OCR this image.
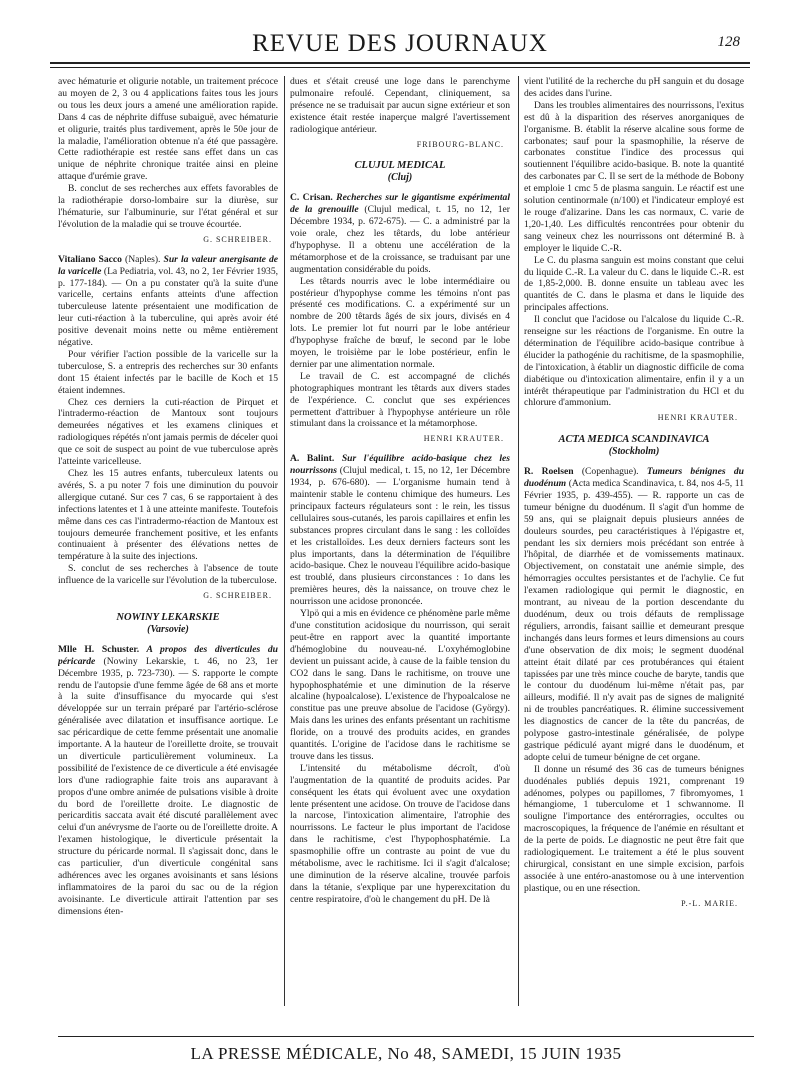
REVUE DES JOURNAUX	128

avec hématurie et oligurie notable, un traitement précoce au moyen de 2, 3 ou 4 applications faites tous les jours ou tous les deux jours a amené une amélioration rapide. Dans 4 cas de néphrite diffuse subaiguë, avec hématurie et oligurie, traités plus tardivement, après le 50e jour de la maladie, l'amélioration obtenue n'a été que passagère. Cette radiothérapie est restée sans effet dans un cas unique de néphrite chronique traitée ainsi en pleine attaque d'urémie grave.

B. conclut de ses recherches aux effets favorables de la radiothérapie dorso-lombaire sur la diurèse, sur l'hématurie, sur l'albuminurie, sur l'état général et sur l'évolution de la maladie qui se trouve écourtée.

G. SCHREIBER.

Vitaliano Sacco (Naples). Sur la valeur anergisante de la varicelle (La Pediatria, vol. 43, no 2, 1er Février 1935, p. 177-184). — On a pu constater qu'à la suite d'une varicelle, certains enfants atteints d'une affection tuberculeuse latente présentaient une modification de leur cuti-réaction à la tuberculine, qui après avoir été positive devenait moins nette ou même entièrement négative.

Pour vérifier l'action possible de la varicelle sur la tuberculose, S. a entrepris des recherches sur 30 enfants dont 15 étaient infectés par le bacille de Koch et 15 étaient indemnes.

Chez ces derniers la cuti-réaction de Pirquet et l'intradermo-réaction de Mantoux sont toujours demeurées négatives et les examens cliniques et radiologiques répétés n'ont jamais permis de déceler quoi que ce soit de suspect au point de vue tuberculose après l'atteinte varicelleuse.

Chez les 15 autres enfants, tuberculeux latents ou avérés, S. a pu noter 7 fois une diminution du pouvoir allergique cutané. Sur ces 7 cas, 6 se rapportaient à des infections latentes et 1 à une atteinte manifeste. Toutefois même dans ces cas l'intradermo-réaction de Mantoux est toujours demeurée franchement positive, et les enfants continuaient à présenter des élévations nettes de température à la suite des injections.

S. conclut de ses recherches à l'absence de toute influence de la varicelle sur l'évolution de la tuberculose.

G. SCHREIBER.
NOWINY LEKARSKIE
(Varsovie)

Mlle H. Schuster. A propos des diverticules du péricarde (Nowiny Lekarskie, t. 46, no 23, 1er Décembre 1935, p. 723-730). — S. rapporte le compte rendu de l'autopsie d'une femme âgée de 68 ans et morte à la suite d'insuffisance du myocarde qui s'est développée sur un terrain préparé par l'artério-sclérose généralisée avec dilatation et insuffisance aortique. Le sac péricardique de cette femme présentait une anomalie importante. A la hauteur de l'oreillette droite, se trouvait un diverticule particulièrement volumineux. La possibilité de l'existence de ce diverticule a été envisagée lors d'une radiographie faite trois ans auparavant à propos d'une ombre animée de pulsations visible à droite du bord de l'oreillette droite. Le diagnostic de pericarditis saccata avait été discuté parallèlement avec celui d'un anévrysme de l'aorte ou de l'oreillette droite. A l'examen histologique, le diverticule présentait la structure du péricarde normal. Il s'agissait donc, dans le cas particulier, d'un diverticule congénital sans adhérences avec les organes avoisinants et sans lésions inflammatoires de la paroi du sac ou de la région avoisinante. Le diverticule attirait l'attention par ses dimensions éten-

dues et s'était creusé une loge dans le parenchyme pulmonaire refoulé. Cependant, cliniquement, sa présence ne se traduisait par aucun signe extérieur et son existence était restée inaperçue malgré l'avertissement radiologique antérieur.

FRIBOURG-BLANC.
CLUJUL MEDICAL
(Cluj)

C. Crisan. Recherches sur le gigantisme expérimental de la grenouille (Clujul medical, t. 15, no 12, 1er Décembre 1934, p. 672-675). — C. a administré par la voie orale, chez les têtards, du lobe antérieur d'hypophyse. Il a obtenu une accélération de la métamorphose et de la croissance, se traduisant par une augmentation considérable du poids.

Les têtards nourris avec le lobe intermédiaire ou postérieur d'hypophyse comme les témoins n'ont pas présenté ces modifications. C. a expérimenté sur un nombre de 200 têtards âgés de six jours, divisés en 4 lots. Le premier lot fut nourri par le lobe antérieur d'hypophyse fraîche de bœuf, le second par le lobe moyen, le troisième par le lobe postérieur, enfin le dernier par une alimentation normale.

Le travail de C. est accompagné de clichés photographiques montrant les têtards aux divers stades de l'expérience. C. conclut que ses expériences permettent d'attribuer à l'hypophyse antérieure un rôle stimulant dans la croissance et la métamorphose.

HENRI KRAUTER.

A. Balint. Sur l'équilibre acido-basique chez les nourrissons (Clujul medical, t. 15, no 12, 1er Décembre 1934, p. 676-680). — L'organisme humain tend à maintenir stable le contenu chimique des humeurs. Les principaux facteurs régulateurs sont : le rein, les tissus cellulaires sous-cutanés, les parois capillaires et enfin les substances propres circulant dans le sang : les colloïdes et les cristalloïdes. Les deux derniers facteurs sont les plus importants, dans la détermination de l'équilibre acido-basique. Chez le nouveau l'équilibre acido-basique est troublé, dans plusieurs circonstances : 1o dans les premières heures, dès la naissance, on trouve chez le nourrisson une acidose prononcée.

Ylpö qui a mis en évidence ce phénomène parle même d'une constitution acidosique du nourrisson, qui serait peut-être en rapport avec la quantité importante d'hémoglobine du nouveau-né. L'oxyhémoglobine devient un puissant acide, à cause de la faible tension du CO2 dans le sang. Dans le rachitisme, on trouve une hypophosphatémie et une diminution de la réserve alcaline (hypoalcalose). L'existence de l'hypoalcalose ne constitue pas une preuve absolue de l'acidose (György). Mais dans les urines des enfants présentant un rachitisme floride, on a trouvé des produits acides, en grandes quantités. L'origine de l'acidose dans le rachitisme se trouve dans les tissus.

L'intensité du métabolisme décroît, d'où l'augmentation de la quantité de produits acides. Par conséquent les états qui évoluent avec une oxydation lente présentent une acidose. On trouve de l'acidose dans la narcose, l'intoxication alimentaire, l'atrophie des nourrissons. Le facteur le plus important de l'acidose dans le rachitisme, c'est l'hypophosphatémie. La spasmophilie offre un contraste au point de vue du métabolisme, avec le rachitisme. Ici il s'agit d'alcalose; une diminution de la réserve alcaline, trouvée parfois dans la tétanie, s'explique par une hyperexcitation du centre respiratoire, d'où le changement du pH. De là

vient l'utilité de la recherche du pH sanguin et du dosage des acides dans l'urine.

Dans les troubles alimentaires des nourrissons, l'exitus est dû à la disparition des réserves anorganiques de l'organisme. B. établit la réserve alcaline sous forme de carbonates; sauf pour la spasmophilie, la réserve de carbonates constitue l'indice des processus qui soutiennent l'équilibre acido-basique. B. note la quantité des carbonates par C. Il se sert de la méthode de Bobony et emploie 1 cmc 5 de plasma sanguin. Le réactif est une solution centinormale (n/100) et l'indicateur employé est le rouge d'alizarine. Dans les cas normaux, C. varie de 1,20-1,40. Les difficultés rencontrées pour obtenir du sang veineux chez les nourrissons ont déterminé B. à employer le liquide C.-R.

Le C. du plasma sanguin est moins constant que celui du liquide C.-R. La valeur du C. dans le liquide C.-R. est de 1,85-2,000. B. donne ensuite un tableau avec les quantités de C. dans le plasma et dans le liquide des principales affections.

Il conclut que l'acidose ou l'alcalose du liquide C.-R. renseigne sur les réactions de l'organisme. En outre la détermination de l'équilibre acido-basique contribue à élucider la pathogénie du rachitisme, de la spasmophilie, de l'intoxication, à établir un diagnostic difficile de coma diabétique ou d'intoxication alimentaire, enfin il y a un intérêt thérapeutique par l'administration du HCl et du chlorure d'ammonium.

HENRI KRAUTER.
ACTA MEDICA SCANDINAVICA
(Stockholm)

R. Roelsen (Copenhague). Tumeurs bénignes du duodénum (Acta medica Scandinavica, t. 84, nos 4-5, 11 Février 1935, p. 439-455). — R. rapporte un cas de tumeur bénigne du duodénum. Il s'agit d'un homme de 59 ans, qui se plaignait depuis plusieurs années de douleurs sourdes, peu caractéristiques à l'épigastre et, pendant les six derniers mois précédant son entrée à l'hôpital, de diarrhée et de vomissements matinaux. Objectivement, on constatait une anémie simple, des hémorragies occultes persistantes et de l'achylie. Ce fut l'examen radiologique qui permit le diagnostic, en montrant, au niveau de la portion descendante du duodénum, deux ou trois défauts de remplissage réguliers, arrondis, faisant saillie et demeurant presque inchangés dans leurs formes et leurs dimensions au cours d'une observation de dix mois; le segment duodénal atteint était dilaté par ces protubérances qui étaient tapissées par une très mince couche de baryte, tandis que le contour du duodénum lui-même n'était pas, par ailleurs, modifié. Il n'y avait pas de signes de malignité ni de troubles pancréatiques. R. élimine successivement les diagnostics de cancer de la tête du pancréas, de polypose gastro-intestinale généralisée, de polype gastrique pédiculé ayant migré dans le duodénum, et adopte celui de tumeur bénigne de cet organe.

Il donne un résumé des 36 cas de tumeurs bénignes duodénales publiés depuis 1921, comprenant 19 adénomes, polypes ou papillomes, 7 fibromyomes, 1 hémangiome, 1 tuberculome et 1 schwannome. Il souligne l'importance des entérorragies, occultes ou macroscopiques, la fréquence de l'anémie en résultant et de la perte de poids. Le diagnostic ne peut être fait que radiologiquement. Le traitement a été le plus souvent chirurgical, consistant en une simple excision, parfois associée à une entéro-anastomose ou à une intervention plastique, ou en une résection.

P.-L. MARIE.
LA PRESSE MÉDICALE, No 48, SAMEDI, 15 JUIN 1935
